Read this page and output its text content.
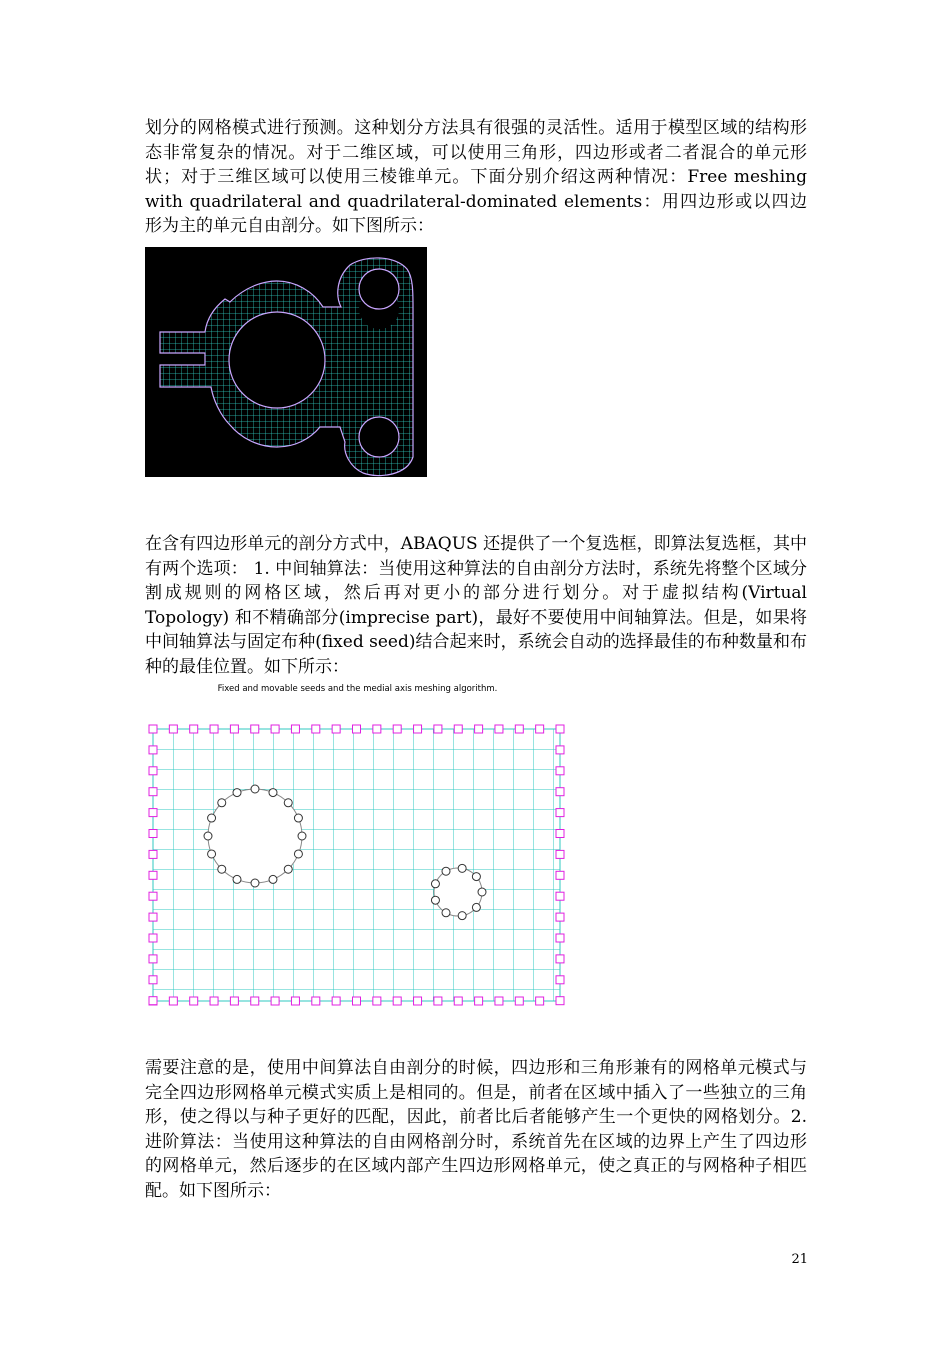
划分的网格模式进行预测。这种划分方法具有很强的灵活性。适用于模型区域的结构形态非常复杂的情况。对于二维区域，可以使用三角形，四边形或者二者混合的单元形状；对于三维区域可以使用三棱锥单元。下面分别介绍这两种情况：Free meshing with quadrilateral and quadrilateral-dominated elements：用四边形或以四边形为主的单元自由剖分。如下图所示：

在含有四边形单元的剖分方式中，ABAQUS 还提供了一个复选框，即算法复选框，其中有两个选项： 1. 中间轴算法：当使用这种算法的自由剖分方法时，系统先将整个区域分割成规则的网格区域，然后再对更小的部分进行划分。对于虚拟结构(Virtual Topology) 和不精确部分(imprecise part)，最好不要使用中间轴算法。但是，如果将中间轴算法与固定布种(fixed seed)结合起来时，系统会自动的选择最佳的布种数量和布种的最佳位置。如下所示：

Fixed and movable seeds and the medial axis meshing algorithm.

需要注意的是，使用中间算法自由剖分的时候，四边形和三角形兼有的网格单元模式与完全四边形网格单元模式实质上是相同的。但是，前者在区域中插入了一些独立的三角形，使之得以与种子更好的匹配，因此，前者比后者能够产生一个更快的网格划分。2.进阶算法：当使用这种算法的自由网格剖分时，系统首先在区域的边界上产生了四边形的网格单元，然后逐步的在区域内部产生四边形网格单元，使之真正的与网格种子相匹配。如下图所示：

21
